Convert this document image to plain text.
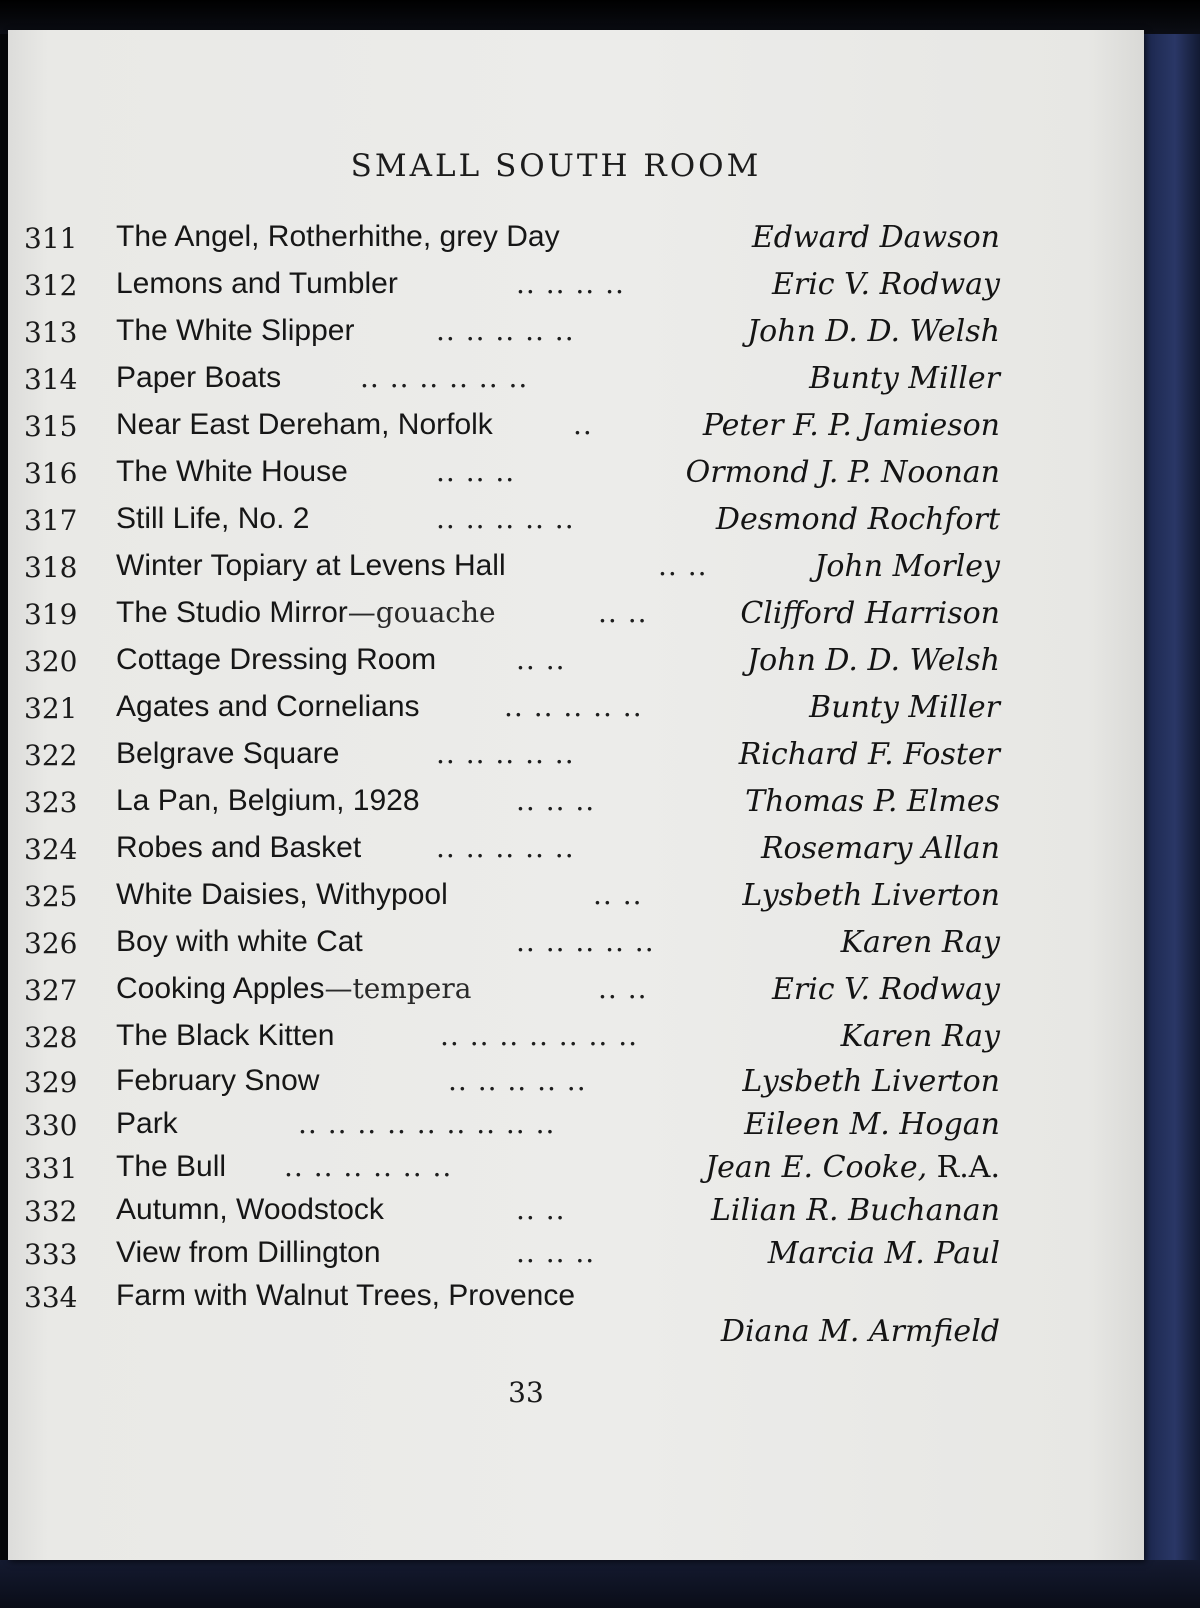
SMALL SOUTH ROOM
311 The Angel, Rotherhithe, grey Day	Edward Dawson
312 Lemons and Tumbler	.. .. .. ..	Eric V. Rodway
313 The White Slipper	.. .. .. .. ..	John D. D. Welsh
314 Paper Boats	.. .. .. .. .. ..	Bunty Miller
315 Near East Dereham, Norfolk	..	Peter F. P. Jamieson
316 The White House	.. .. ..	Ormond J. P. Noonan
317 Still Life, No. 2	.. .. .. .. ..	Desmond Rochfort
318 Winter Topiary at Levens Hall	.. ..	John Morley
319 The Studio Mirror—gouache	.. ..	Clifford Harrison
320 Cottage Dressing Room	.. ..	John D. D. Welsh
321 Agates and Cornelians	.. .. .. .. ..	Bunty Miller
322 Belgrave Square	.. .. .. .. ..	Richard F. Foster
323 La Pan, Belgium, 1928	.. .. ..	Thomas P. Elmes
324 Robes and Basket	.. .. .. .. ..	Rosemary Allan
325 White Daisies, Withypool	.. ..	Lysbeth Liverton
326 Boy with white Cat	.. .. .. .. ..	Karen Ray
327 Cooking Apples—tempera	.. ..	Eric V. Rodway
328 The Black Kitten	.. .. .. .. .. .. ..	Karen Ray
329 February Snow	.. .. .. .. ..	Lysbeth Liverton
330 Park	.. .. .. .. .. .. .. .. ..	Eileen M. Hogan
331 The Bull .. .. .. .. .. ..	Jean E. Cooke, R.A.
332 Autumn, Woodstock	.. ..	Lilian R. Buchanan
333 View from Dillington	.. .. ..	Marcia M. Paul
334 Farm with Walnut Trees, Provence
Diana M. Armfield
33
